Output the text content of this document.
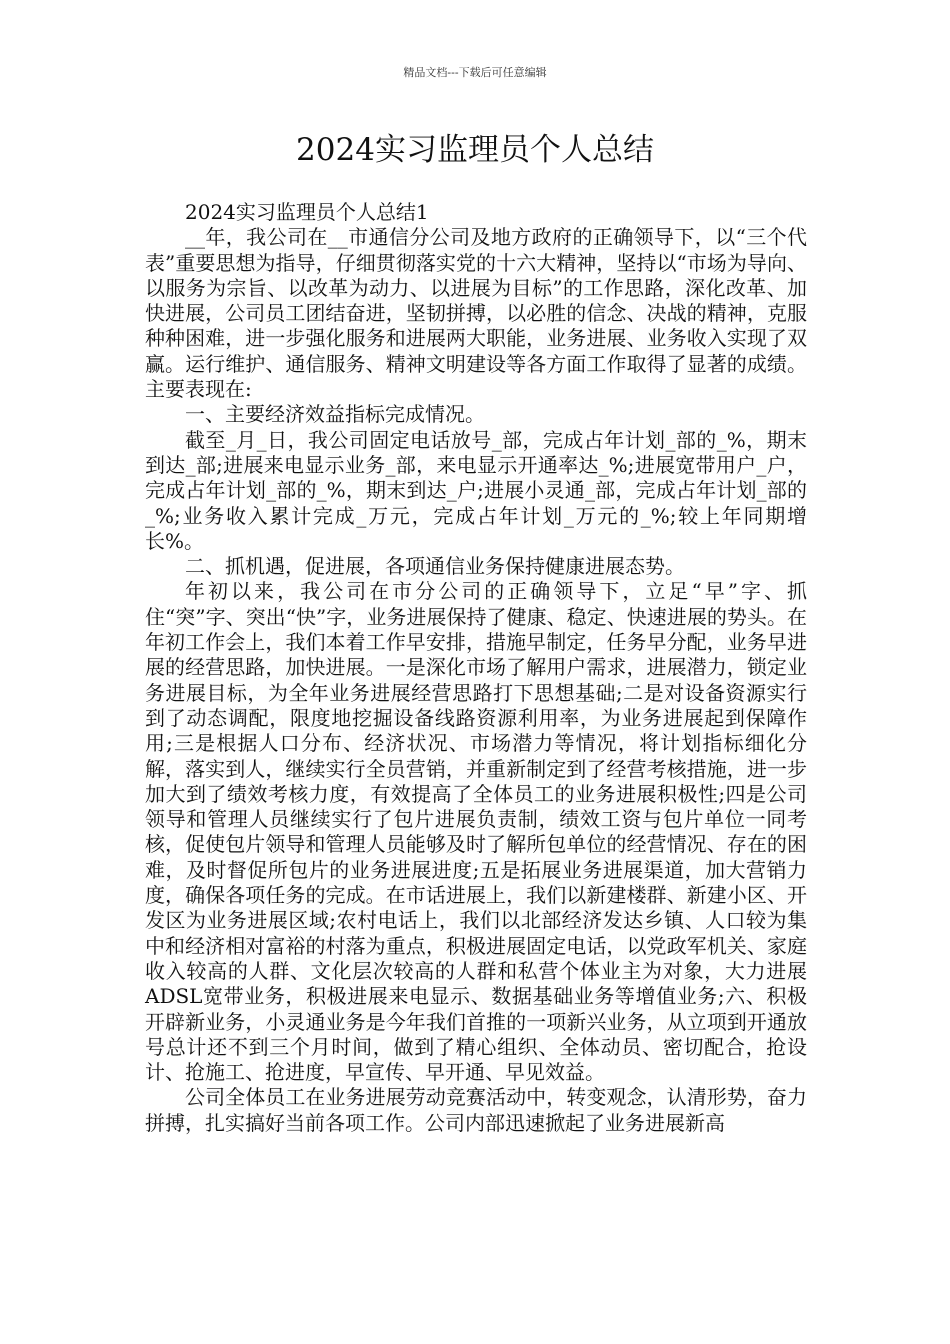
精品文档---下载后可任意编辑
2024实习监理员个人总结

2024实习监理员个人总结1

__年，我公司在__市通信分公司及地方政府的正确领导下，以“三个代表”重要思想为指导，仔细贯彻落实党的十六大精神，坚持以“市场为导向、以服务为宗旨、以改革为动力、以进展为目标”的工作思路，深化改革、加快进展，公司员工团结奋进，坚韧拼搏，以必胜的信念、决战的精神，克服种种困难，进一步强化服务和进展两大职能，业务进展、业务收入实现了双赢。运行维护、通信服务、精神文明建设等各方面工作取得了显著的成绩。主要表现在:

一、主要经济效益指标完成情况。

截至_月_日，我公司固定电话放号_部，完成占年计划_部的_%，期末到达_部;进展来电显示业务_部，来电显示开通率达_%;进展宽带用户_户，完成占年计划_部的_%，期末到达_户;进展小灵通_部，完成占年计划_部的_%;业务收入累计完成_万元，完成占年计划_万元的_%;较上年同期增长%。

二、抓机遇，促进展，各项通信业务保持健康进展态势。

年初以来，我公司在市分公司的正确领导下，立足“早”字、抓住“突”字、突出“快”字，业务进展保持了健康、稳定、快速进展的势头。在年初工作会上，我们本着工作早安排，措施早制定，任务早分配，业务早进展的经营思路，加快进展。一是深化市场了解用户需求，进展潜力，锁定业务进展目标，为全年业务进展经营思路打下思想基础;二是对设备资源实行到了动态调配，限度地挖掘设备线路资源利用率，为业务进展起到保障作用;三是根据人口分布、经济状况、市场潜力等情况，将计划指标细化分解，落实到人，继续实行全员营销，并重新制定到了经营考核措施，进一步加大到了绩效考核力度，有效提高了全体员工的业务进展积极性;四是公司领导和管理人员继续实行了包片进展负责制，绩效工资与包片单位一同考核，促使包片领导和管理人员能够及时了解所包单位的经营情况、存在的困难，及时督促所包片的业务进展进度;五是拓展业务进展渠道，加大营销力度，确保各项任务的完成。在市话进展上，我们以新建楼群、新建小区、开发区为业务进展区域;农村电话上，我们以北部经济发达乡镇、人口较为集中和经济相对富裕的村落为重点，积极进展固定电话，以党政军机关、家庭收入较高的人群、文化层次较高的人群和私营个体业主为对象，大力进展ADSL宽带业务，积极进展来电显示、数据基础业务等增值业务;六、积极开辟新业务，小灵通业务是今年我们首推的一项新兴业务，从立项到开通放号总计还不到三个月时间，做到了精心组织、全体动员、密切配合，抢设计、抢施工、抢进度，早宣传、早开通、早见效益。

公司全体员工在业务进展劳动竞赛活动中，转变观念，认清形势，奋力拼搏，扎实搞好当前各项工作。公司内部迅速掀起了业务进展新高
